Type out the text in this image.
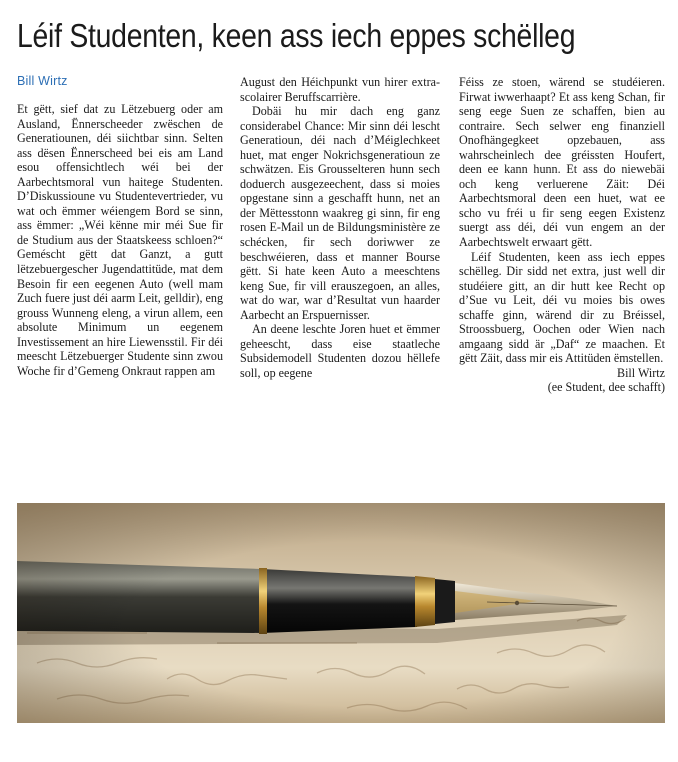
Léif Studenten, keen ass iech eppes schëlleg
Bill Wirtz

Et gëtt, sief dat zu Lëtzebuerg oder am Ausland, Ënnerscheeder zwëschen de Generatiounen, déi siichtbar sinn. Selten ass dësen Ënnerscheed bei eis am Land esou offensichtlech wéi bei der Aarbechtsmoral vun haitege Studenten. D’Diskussioune vu Studentevertrieder, vu wat och ëmmer wéiengem Bord se sinn, ass ëmmer: „Wéi kënne mir méi Sue fir de Studium aus der Staatskeess schloen?“ Geméscht gëtt dat Ganzt, a gutt lëtzebuergescher Jugendattitüde, mat dem Besoin fir een eegenen Auto (well mam Zuch fuere just déi aarm Leit, gelldir), eng grouss Wunneng eleng, a virun allem, een absolute Minimum un eegenem Investissement an hire Liewensstil. Fir déi meescht Lëtzebuerger Studente sinn zwou Woche fir d’Gemeng Onkraut rappen am

August den Héichpunkt vun hirer extra-scolairer Beruffscarrière.

Dobäi hu mir dach eng ganz considerabel Chance: Mir sinn déi lescht Generatioun, déi nach d’Méiglechkeet huet, mat enger Nokrichsgeneratioun ze schwätzen. Eis Grousselteren hunn sech doduerch ausgezeechent, dass si moies opgestane sinn a geschafft hunn, net an der Mëttesstonn waakreg gi sinn, fir eng rosen E-Mail un de Bildungsministère ze schécken, fir sech doriwwer ze beschwéieren, dass et manner Bourse gëtt. Si hate keen Auto a meeschtens keng Sue, fir vill erauszegoen, an alles, wat do war, war d’Resultat vun haarder Aarbecht an Erspuernisser.

An deene leschte Joren huet et ëmmer geheescht, dass eise staatleche Subsidemodell Studenten dozou hëllefe soll, op eegene

Féiss ze stoen, wärend se studéieren. Firwat iwwerhaapt? Et ass keng Schan, fir seng eege Suen ze schaffen, bien au contraire. Sech selwer eng finanziell Onofhängegkeet opzebauen, ass wahrscheinlech dee gréissten Houfert, deen ee kann hunn. Et ass do niewebäi och keng verluerene Zäit: Déi Aarbechtsmoral deen een huet, wat ee scho vu fréi u fir seng eegen Existenz suergt ass déi, déi vun engem an der Aarbechtswelt erwaart gëtt.

Léif Studenten, keen ass iech eppes schëlleg. Dir sidd net extra, just well dir studéiere gitt, an dir hutt kee Recht op d’Sue vu Leit, déi vu moies bis owes schaffe ginn, wärend dir zu Bréissel, Stroossbuerg, Oochen oder Wien nach amgaang sidd är „Daf“ ze maachen. Et gëtt Zäit, dass mir eis Attitüden ëmstellen.

Bill Wirtz

(ee Student, dee schafft)
